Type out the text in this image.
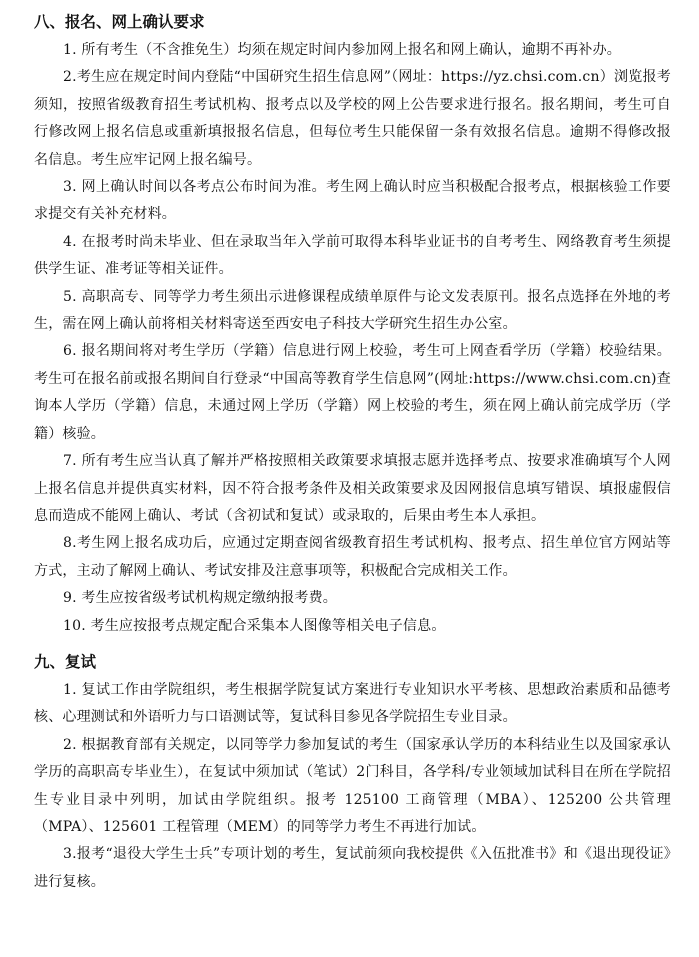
八、报名、网上确认要求

1. 所有考生（不含推免生）均须在规定时间内参加网上报名和网上确认，逾期不再补办。

2.考生应在规定时间内登陆“中国研究生招生信息网”（网址：https://yz.chsi.com.cn）浏览报考须知，按照省级教育招生考试机构、报考点以及学校的网上公告要求进行报名。报名期间，考生可自行修改网上报名信息或重新填报报名信息，但每位考生只能保留一条有效报名信息。逾期不得修改报名信息。考生应牢记网上报名编号。

3. 网上确认时间以各考点公布时间为准。考生网上确认时应当积极配合报考点，根据核验工作要求提交有关补充材料。

4. 在报考时尚未毕业、但在录取当年入学前可取得本科毕业证书的自考考生、网络教育考生须提供学生证、准考证等相关证件。

5. 高职高专、同等学力考生须出示进修课程成绩单原件与论文发表原刊。报名点选择在外地的考生，需在网上确认前将相关材料寄送至西安电子科技大学研究生招生办公室。

6. 报名期间将对考生学历（学籍）信息进行网上校验，考生可上网查看学历（学籍）校验结果。考生可在报名前或报名期间自行登录“中国高等教育学生信息网”(网址:https://www.chsi.com.cn)查询本人学历（学籍）信息，未通过网上学历（学籍）网上校验的考生，须在网上确认前完成学历（学籍）核验。

7. 所有考生应当认真了解并严格按照相关政策要求填报志愿并选择考点、按要求准确填写个人网上报名信息并提供真实材料，因不符合报考条件及相关政策要求及因网报信息填写错误、填报虚假信息而造成不能网上确认、考试（含初试和复试）或录取的，后果由考生本人承担。

8.考生网上报名成功后，应通过定期查阅省级教育招生考试机构、报考点、招生单位官方网站等方式，主动了解网上确认、考试安排及注意事项等，积极配合完成相关工作。

9. 考生应按省级考试机构规定缴纳报考费。

10. 考生应按报考点规定配合采集本人图像等相关电子信息。

九、复试

1. 复试工作由学院组织，考生根据学院复试方案进行专业知识水平考核、思想政治素质和品德考核、心理测试和外语听力与口语测试等，复试科目参见各学院招生专业目录。

2. 根据教育部有关规定，以同等学力参加复试的考生（国家承认学历的本科结业生以及国家承认学历的高职高专毕业生），在复试中须加试（笔试）2门科目，各学科/专业领域加试科目在所在学院招生专业目录中列明，加试由学院组织。报考 125100 工商管理（MBA）、125200 公共管理（MPA）、125601 工程管理（MEM）的同等学力考生不再进行加试。

3.报考“退役大学生士兵”专项计划的考生，复试前须向我校提供《入伍批准书》和《退出现役证》进行复核。
